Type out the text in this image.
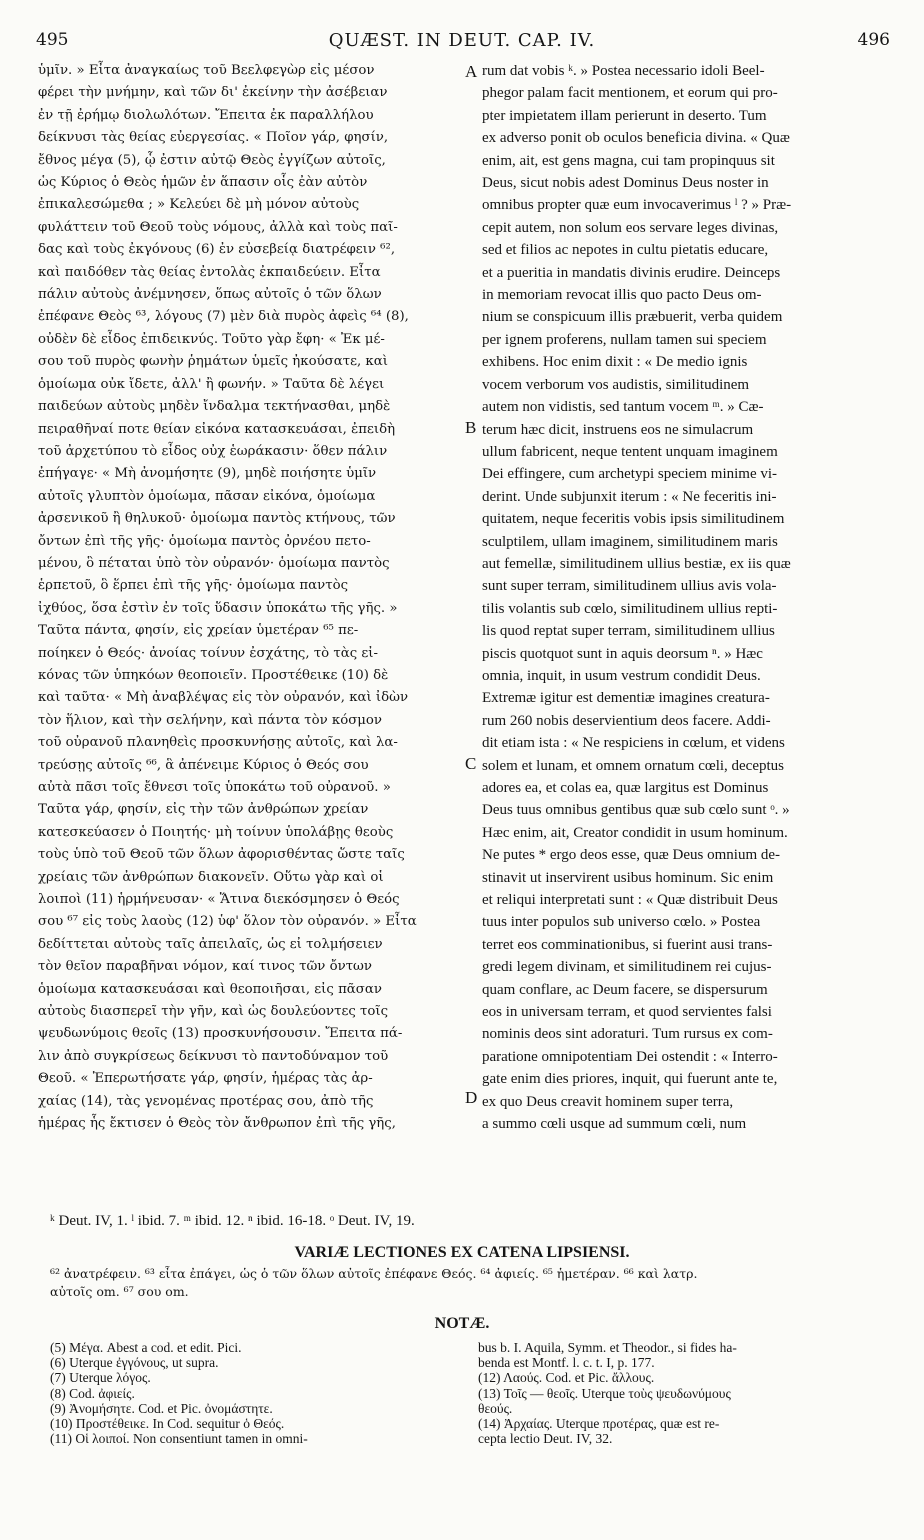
495	QUÆST. IN DEUT. CAP. IV.	496
ὑμῖν. » Εἶτα ἀναγκαίως τοῦ Βεελφεγὼρ εἰς μέσον
φέρει τὴν μνήμην, καὶ τῶν δι' ἐκείνην τὴν ἀσέβειαν
ἐν τῇ ἐρήμῳ διολωλότων. Ἔπειτα ἐκ παραλλήλου
δείκνυσι τὰς θείας εὐεργεσίας. « Ποῖον γάρ, φησίν,
ἔθνος μέγα (5), ᾧ ἐστιν αὐτῷ Θεὸς ἐγγίζων αὐτοῖς,
ὡς Κύριος ὁ Θεὸς ἡμῶν ἐν ἅπασιν οἷς ἐὰν αὐτὸν
ἐπικαλεσώμεθα ; » Κελεύει δὲ μὴ μόνον αὐτοὺς
φυλάττειν τοῦ Θεοῦ τοὺς νόμους, ἀλλὰ καὶ τοὺς παῖ-
δας καὶ τοὺς ἐκγόνους (6) ἐν εὐσεβείᾳ διατρέφειν ⁶²,
καὶ παιδόθεν τὰς θείας ἐντολὰς ἐκπαιδεύειν. Εἶτα
πάλιν αὐτοὺς ἀνέμνησεν, ὅπως αὐτοῖς ὁ τῶν ὅλων
ἐπέφανε Θεὸς ⁶³, λόγους (7) μὲν διὰ πυρὸς ἀφεὶς ⁶⁴ (8),
οὐδὲν δὲ εἶδος ἐπιδεικνύς. Τοῦτο γὰρ ἔφη· « Ἐκ μέ-
σου τοῦ πυρὸς φωνὴν ῥημάτων ὑμεῖς ἠκούσατε, καὶ
ὁμοίωμα οὐκ ἴδετε, ἀλλ' ἢ φωνήν. » Ταῦτα δὲ λέγει
παιδεύων αὐτοὺς μηδὲν ἴνδαλμα τεκτήνασθαι, μηδὲ
πειραθῆναί ποτε θείαν εἰκόνα κατασκευάσαι, ἐπειδὴ
τοῦ ἀρχετύπου τὸ εἶδος οὐχ ἑωράκασιν· ὅθεν πάλιν
ἐπήγαγε· « Μὴ ἀνομήσητε (9), μηδὲ ποιήσητε ὑμῖν
αὐτοῖς γλυπτὸν ὁμοίωμα, πᾶσαν εἰκόνα, ὁμοίωμα
ἀρσενικοῦ ἢ θηλυκοῦ· ὁμοίωμα παντὸς κτήνους, τῶν
ὄντων ἐπὶ τῆς γῆς· ὁμοίωμα παντὸς ὀρνέου πετο-
μένου, ὃ πέταται ὑπὸ τὸν οὐρανόν· ὁμοίωμα παντὸς
ἑρπετοῦ, ὃ ἕρπει ἐπὶ τῆς γῆς· ὁμοίωμα παντὸς
ἰχθύος, ὅσα ἐστὶν ἐν τοῖς ὕδασιν ὑποκάτω τῆς γῆς. »
Ταῦτα πάντα, φησίν, εἰς χρείαν ὑμετέραν ⁶⁵ πε-
ποίηκεν ὁ Θεός· ἀνοίας τοίνυν ἐσχάτης, τὸ τὰς εἰ-
κόνας τῶν ὑπηκόων θεοποιεῖν. Προστέθεικε (10) δὲ
καὶ ταῦτα· « Μὴ ἀναβλέψας εἰς τὸν οὐρανόν, καὶ ἰδὼν
τὸν ἥλιον, καὶ τὴν σελήνην, καὶ πάντα τὸν κόσμον
τοῦ οὐρανοῦ πλανηθεὶς προσκυνήσῃς αὐτοῖς, καὶ λα-
τρεύσῃς αὐτοῖς ⁶⁶, ἃ ἀπένειμε Κύριος ὁ Θεός σου
αὐτὰ πᾶσι τοῖς ἔθνεσι τοῖς ὑποκάτω τοῦ οὐρανοῦ. »
Ταῦτα γάρ, φησίν, εἰς τὴν τῶν ἀνθρώπων χρείαν
κατεσκεύασεν ὁ Ποιητής· μὴ τοίνυν ὑπολάβῃς θεοὺς
τοὺς ὑπὸ τοῦ Θεοῦ τῶν ὅλων ἀφορισθέντας ὥστε ταῖς
χρείαις τῶν ἀνθρώπων διακονεῖν. Οὕτω γὰρ καὶ οἱ
λοιποὶ (11) ἡρμήνευσαν· « Ἅτινα διεκόσμησεν ὁ Θεός
σου ⁶⁷ εἰς τοὺς λαοὺς (12) ὑφ' ὅλον τὸν οὐρανόν. » Εἶτα
δεδίττεται αὐτοὺς ταῖς ἀπειλαῖς, ὡς εἰ τολμήσειεν
τὸν θεῖον παραβῆναι νόμον, καί τινος τῶν ὄντων
ὁμοίωμα κατασκευάσαι καὶ θεοποιῆσαι, εἰς πᾶσαν
αὐτοὺς διασπερεῖ τὴν γῆν, καὶ ὡς δουλεύοντες τοῖς
ψευδωνύμοις θεοῖς (13) προσκυνήσουσιν. Ἔπειτα πά-
λιν ἀπὸ συγκρίσεως δείκνυσι τὸ παντοδύναμον τοῦ
Θεοῦ. « Ἐπερωτήσατε γάρ, φησίν, ἡμέρας τὰς ἀρ-
χαίας (14), τὰς γενομένας προτέρας σου, ἀπὸ τῆς
ἡμέρας ἧς ἔκτισεν ὁ Θεὸς τὸν ἄνθρωπον ἐπὶ τῆς γῆς,
rum dat vobis ᵏ. » Postea necessario idoli Beel-
phegor palam facit mentionem, et eorum qui pro-
pter impietatem illam perierunt in deserto. Tum
ex adverso ponit ob oculos beneficia divina. « Quæ
enim, ait, est gens magna, cui tam propinquus sit
Deus, sicut nobis adest Dominus Deus noster in
omnibus propter quæ eum invocaverimus ˡ ? » Præ-
cepit autem, non solum eos servare leges divinas,
sed et filios ac nepotes in cultu pietatis educare,
et a pueritia in mandatis divinis erudire. Deinceps
in memoriam revocat illis quo pacto Deus om-
nium se conspicuum illis præbuerit, verba quidem
per ignem proferens, nullam tamen sui speciem
exhibens. Hoc enim dixit : « De medio ignis
vocem verborum vos audistis, similitudinem
autem non vidistis, sed tantum vocem ᵐ. » Cæ-
terum hæc dicit, instruens eos ne simulacrum
ullum fabricent, neque tentent unquam imaginem
Dei effingere, cum archetypi speciem minime vi-
derint. Unde subjunxit iterum : « Ne feceritis ini-
quitatem, neque feceritis vobis ipsis similitudinem
sculptilem, ullam imaginem, similitudinem maris
aut femellæ, similitudinem ullius bestiæ, ex iis quæ
sunt super terram, similitudinem ullius avis vola-
tilis volantis sub cœlo, similitudinem ullius repti-
lis quod reptat super terram, similitudinem ullius
piscis quotquot sunt in aquis deorsum ⁿ. » Hæc
omnia, inquit, in usum vestrum condidit Deus.
Extremæ igitur est dementiæ imagines creatura-
rum 260 nobis deservientium deos facere. Addi-
dit etiam ista : « Ne respiciens in cœlum, et videns
solem et lunam, et omnem ornatum cœli, deceptus
adores ea, et colas ea, quæ largitus est Dominus
Deus tuus omnibus gentibus quæ sub cœlo sunt ᵒ. »
Hæc enim, ait, Creator condidit in usum hominum.
Ne putes * ergo deos esse, quæ Deus omnium de-
stinavit ut inservirent usibus hominum. Sic enim
et reliqui interpretati sunt : « Quæ distribuit Deus
tuus inter populos sub universo cœlo. » Postea
terret eos comminationibus, si fuerint ausi trans-
gredi legem divinam, et similitudinem rei cujus-
quam conflare, ac Deum facere, se dispersurum
eos in universam terram, et quod servientes falsi
nominis deos sint adoraturi. Tum rursus ex com-
paratione omnipotentiam Dei ostendit : « Interro-
gate enim dies priores, inquit, qui fuerunt ante te,
ex quo Deus creavit hominem super terra,
a summo cœli usque ad summum cœli, num
A
B
C
D
ᵏ Deut. IV, 1. ˡ ibid. 7. ᵐ ibid. 12. ⁿ ibid. 16-18. ᵒ Deut. IV, 19.
VARIÆ LECTIONES EX CATENA LIPSIENSI.
⁶² ἀνατρέφειν. ⁶³ εἶτα ἐπάγει, ὡς ὁ τῶν ὅλων αὐτοῖς ἐπέφανε Θεός. ⁶⁴ ἀφιείς. ⁶⁵ ἡμετέραν. ⁶⁶ καὶ λατρ.
αὐτοῖς om. ⁶⁷ σου om.
NOTÆ.
(5) Μέγα. Abest a cod. et edit. Pici.
(6) Uterque ἐγγόνους, ut supra.
(7) Uterque λόγος.
(8) Cod. ἀφιείς.
(9) Ἀνομήσητε. Cod. et Pic. ὀνομάστητε.
(10) Προστέθεικε. In Cod. sequitur ὁ Θεός.
(11) Οἱ λοιποί. Non consentiunt tamen in omni-
bus b. I. Aquila, Symm. et Theodor., si fides ha-
benda est Montf. l. c. t. I, p. 177.
(12) Λαούς. Cod. et Pic. ἄλλους.
(13) Τοῖς — θεοῖς. Uterque τοὺς ψευδωνύμους
θεούς.
(14) Ἀρχαίας. Uterque προτέρας, quæ est re-
cepta lectio Deut. IV, 32.
